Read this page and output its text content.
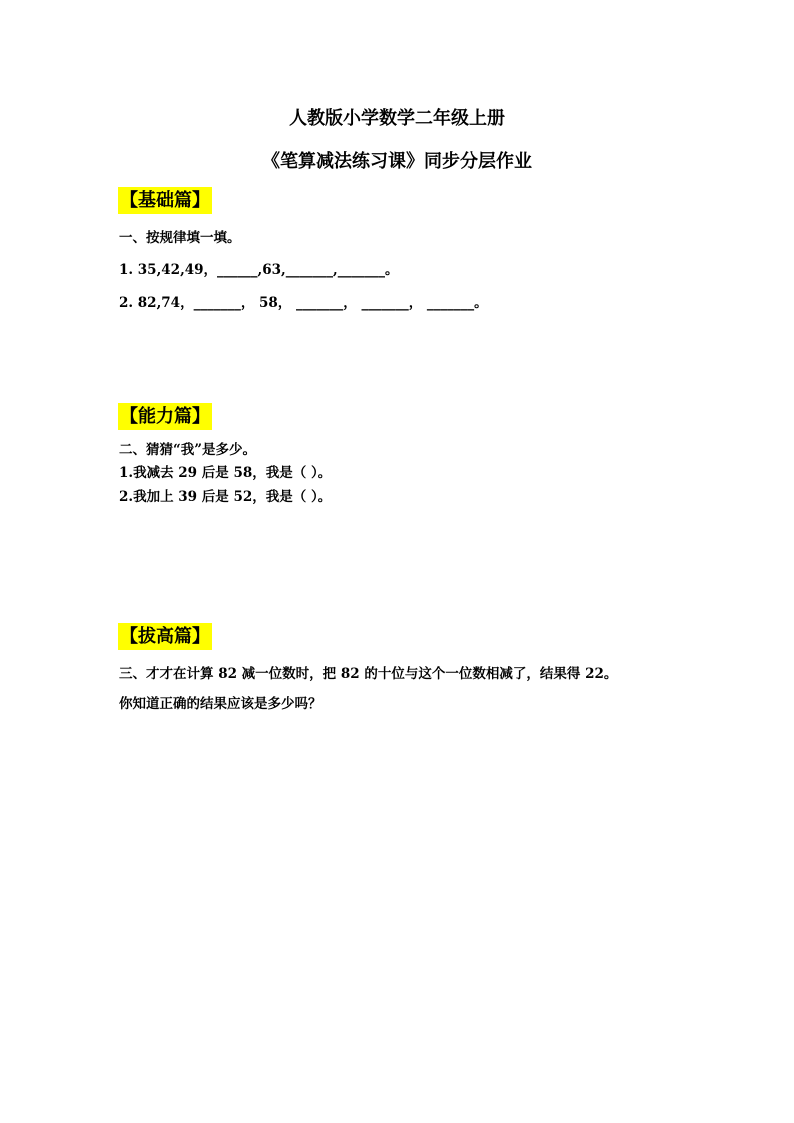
人教版小学数学二年级上册
《笔算减法练习课》同步分层作业
【基础篇】
一、按规律填一填。
1. 35,42,49，______,63,_______,_______。
2. 82,74，_______， 58， _______， _______， _______。
【能力篇】
二、猜猜“我”是多少。
1.我减去 29 后是 58，我是（ ）。
2.我加上 39 后是 52，我是（ ）。
【拔高篇】
三、才才在计算 82 减一位数时，把 82 的十位与这个一位数相减了，结果得 22。
你知道正确的结果应该是多少吗？
